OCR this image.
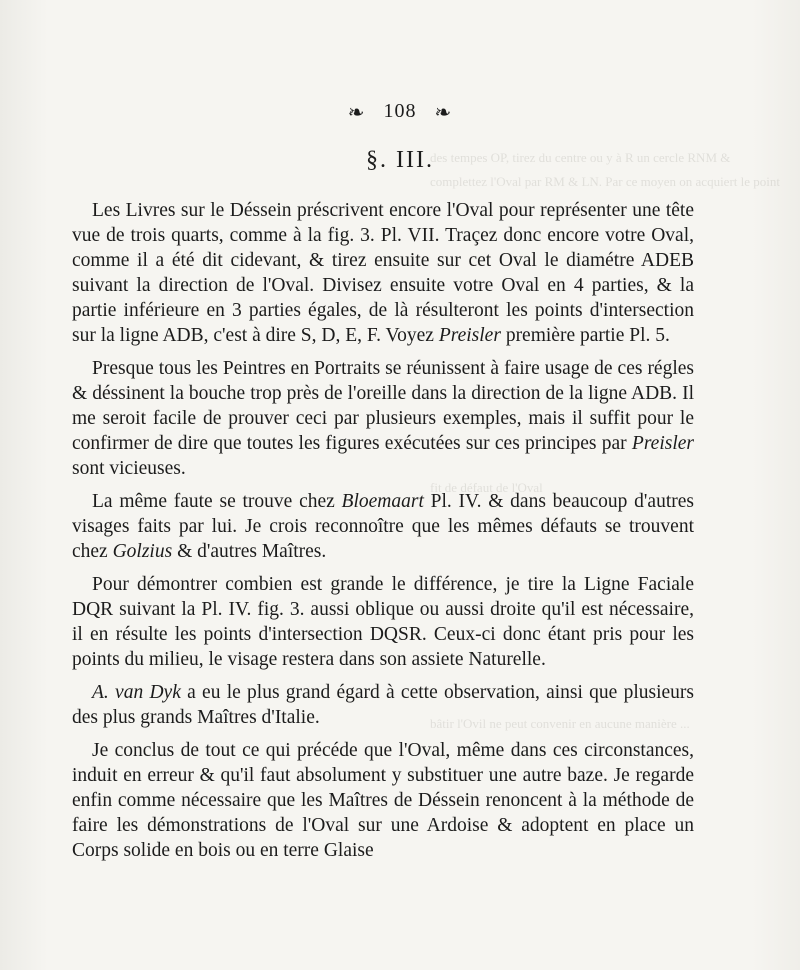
des tempes OP, tirez du centre ou y à R un cercle RNM &
complettez l'Oval par RM & LN. Par ce moyen on acquiert le point
fit de défaut de l'Oval
bâtir l'Ovil ne peut convenir en aucune manière ...
❧ 108 ❧
§. III.

Les Livres sur le Déssein préscrivent encore l'Oval pour représenter une tête vue de trois quarts, comme à la fig. 3. Pl. VII. Traçez donc encore votre Oval, comme il a été dit cidevant, & tirez ensuite sur cet Oval le diamétre ADEB suivant la direction de l'Oval. Divisez ensuite votre Oval en 4 parties, & la partie inférieure en 3 parties égales, de là résulteront les points d'intersection sur la ligne ADB, c'est à dire S, D, E, F. Voyez Preisler première partie Pl. 5.

Presque tous les Peintres en Portraits se réunissent à faire usage de ces régles & déssinent la bouche trop près de l'oreille dans la direction de la ligne ADB. Il me seroit facile de prouver ceci par plusieurs exemples, mais il suffit pour le confirmer de dire que toutes les figures exécutées sur ces principes par Preisler sont vicieuses.

La même faute se trouve chez Bloemaart Pl. IV. & dans beaucoup d'autres visages faits par lui. Je crois reconnoître que les mêmes défauts se trouvent chez Golzius & d'autres Maîtres.

Pour démontrer combien est grande le différence, je tire la Ligne Faciale DQR suivant la Pl. IV. fig. 3. aussi oblique ou aussi droite qu'il est nécessaire, il en résulte les points d'intersection DQSR. Ceux-ci donc étant pris pour les points du milieu, le visage restera dans son assiete Naturelle.

A. van Dyk a eu le plus grand égard à cette observation, ainsi que plusieurs des plus grands Maîtres d'Italie.

Je conclus de tout ce qui précéde que l'Oval, même dans ces circonstances, induit en erreur & qu'il faut absolument y substituer une autre baze. Je regarde enfin comme nécessaire que les Maîtres de Déssein renoncent à la méthode de faire les démonstrations de l'Oval sur une Ardoise & adoptent en place un Corps solide en bois ou en terre Glaise
